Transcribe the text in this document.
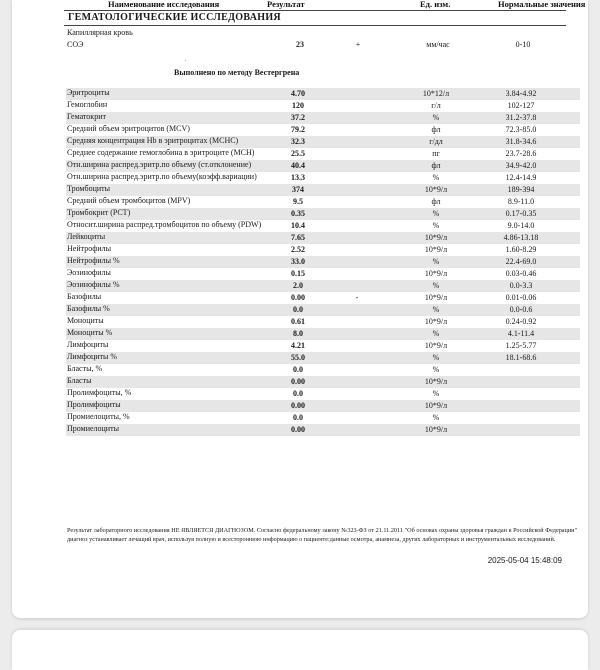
Наименование исследования	Результат	Ед. изм.	Нормальные значения
ГЕМАТОЛОГИЧЕСКИЕ ИССЛЕДОВАНИЯ
Капиллярная кровь
СОЭ	23	+	мм/час	0-10
.
Выполнено по методу Вестергрена
Эритроциты	4.70	10*12/л	3.84-4.92
Гемоглобин	120	г/л	102-127
Гематокрит	37.2	%	31.2-37.8
Средний объем эритроцитов (MCV)	79.2	фл	72.3-85.0
Средняя концентрация Hb в эритроцитах (MCHC)	32.3	г/дл	31.8-34.6
Среднее содержание гемоглобина в эритроците (MCH)	25.5	пг	23.7-28.6
Отн.ширина распред.эритр.по объему (ст.отклонение)	40.4	фл	34.9-42.0
Отн.ширина распред.эритр.по объему(коэфф.вариации)	13.3	%	12.4-14.9
Тромбоциты	374	10*9/л	189-394
Средний объем тромбоцитов (MPV)	9.5	фл	8.9-11.0
Тромбокрит (PCT)	0.35	%	0.17-0.35
Относит.ширина распред.тромбоцитов по объему (PDW)	10.4	%	9.0-14.0
Лейкоциты	7.65	10*9/л	4.86-13.18
Нейтрофилы	2.52	10*9/л	1.60-8.29
Нейтрофилы %	33.0	%	22.4-69.0
Эозинофилы	0.15	10*9/л	0.03-0.46
Эозинофилы %	2.0	%	0.0-3.3
Базофилы	0.00	-	10*9/л	0.01-0.06
Базофилы %	0.0	%	0.0-0.6
Моноциты	0.61	10*9/л	0.24-0.92
Моноциты %	8.0	%	4.1-11.4
Лимфоциты	4.21	10*9/л	1.25-5.77
Лимфоциты %	55.0	%	18.1-68.6
Бласты, %	0.0	%
Бласты	0.00	10*9/л
Пролимфоциты, %	0.0	%
Пролимфоциты	0.00	10*9/л
Промиелоциты, %	0.0	%
Промиелоциты	0.00	10*9/л
Результат лабораторного исследования НЕ ЯВЛЯЕТСЯ ДИАГНОЗОМ. Согласно федеральному закону №323-ФЗ от 21.11.2011 "Об основах охраны здоровья граждан в Российской Федерации" диагноз устанавливает лечащий врач, используя полную и всестороннюю информацию о пациенте:данные осмотра, анамнеза, других лабораторных и инструментальных исследований.
2025-05-04 15:48:09
